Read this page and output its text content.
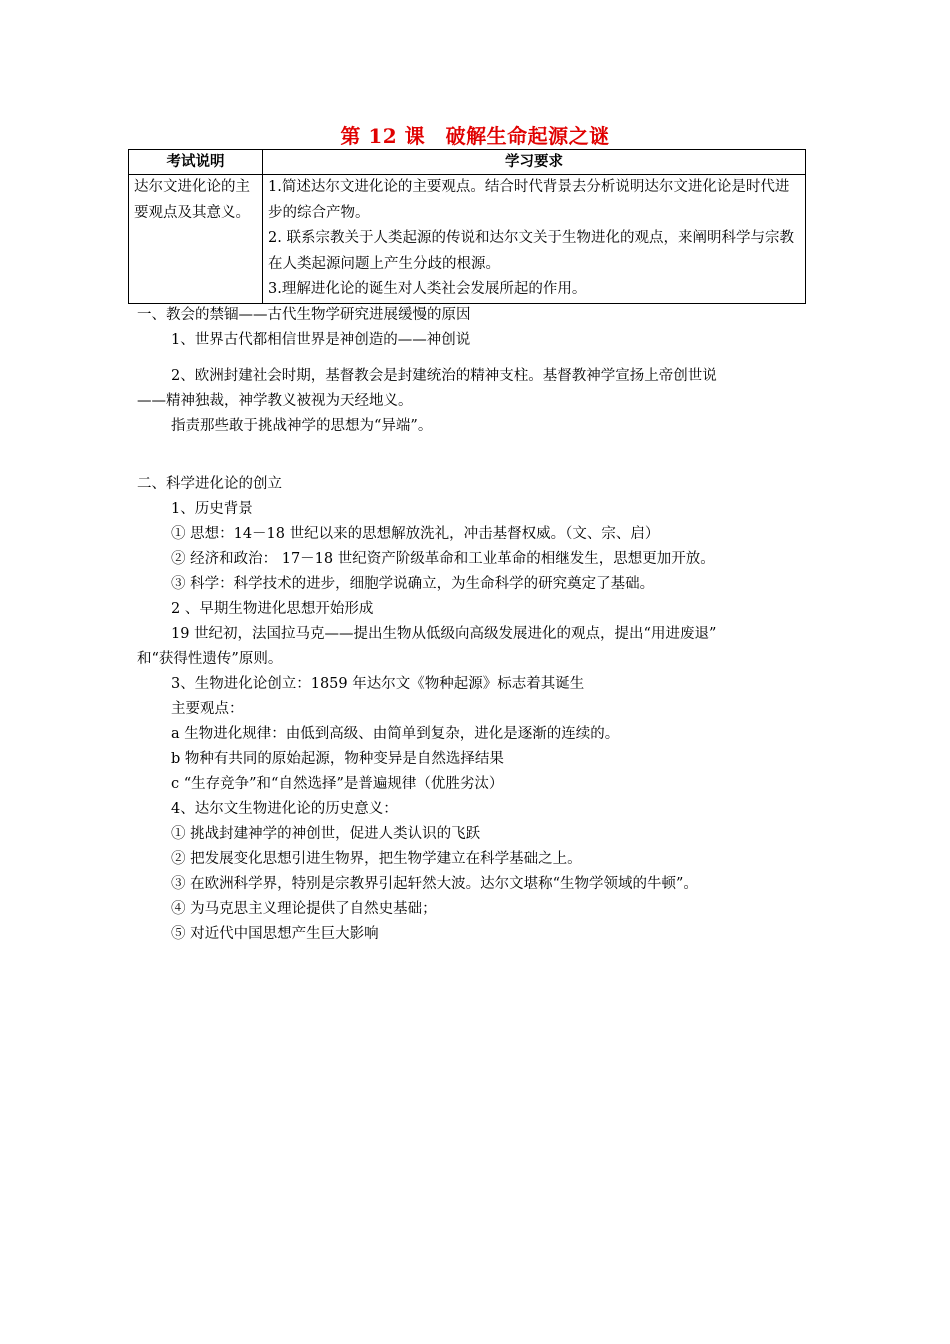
第 12 课　破解生命起源之谜
考试说明	学习要求
达尔文进化论的主要观点及其意义。	1.简述达尔文进化论的主要观点。结合时代背景去分析说明达尔文进化论是时代进步的综合产物。
2. 联系宗教关于人类起源的传说和达尔文关于生物进化的观点，来阐明科学与宗教在人类起源问题上产生分歧的根源。
3.理解进化论的诞生对人类社会发展所起的作用。
一、教会的禁锢——古代生物学研究进展缓慢的原因
1、世界古代都相信世界是神创造的——神创说
2、欧洲封建社会时期，基督教会是封建统治的精神支柱。基督教神学宣扬上帝创世说
——精神独裁，神学教义被视为天经地义。
指责那些敢于挑战神学的思想为“异端”。
二、科学进化论的创立
1、历史背景
① 思想：14－18 世纪以来的思想解放洗礼，冲击基督权威。（文、宗、启）
② 经济和政治： 17－18 世纪资产阶级革命和工业革命的相继发生，思想更加开放。
③ 科学：科学技术的进步，细胞学说确立，为生命科学的研究奠定了基础。
2 、早期生物进化思想开始形成
19 世纪初，法国拉马克——提出生物从低级向高级发展进化的观点，提出“用进废退”
和“获得性遗传”原则。
3、生物进化论创立：1859 年达尔文《物种起源》标志着其诞生
主要观点：
a 生物进化规律：由低到高级、由简单到复杂，进化是逐渐的连续的。
b 物种有共同的原始起源，物种变异是自然选择结果
c “生存竞争”和“自然选择”是普遍规律（优胜劣汰）
4、达尔文生物进化论的历史意义：
① 挑战封建神学的神创世，促进人类认识的飞跃
② 把发展变化思想引进生物界，把生物学建立在科学基础之上。
③ 在欧洲科学界，特别是宗教界引起轩然大波。达尔文堪称“生物学领域的牛顿”。
④ 为马克思主义理论提供了自然史基础；
⑤ 对近代中国思想产生巨大影响
